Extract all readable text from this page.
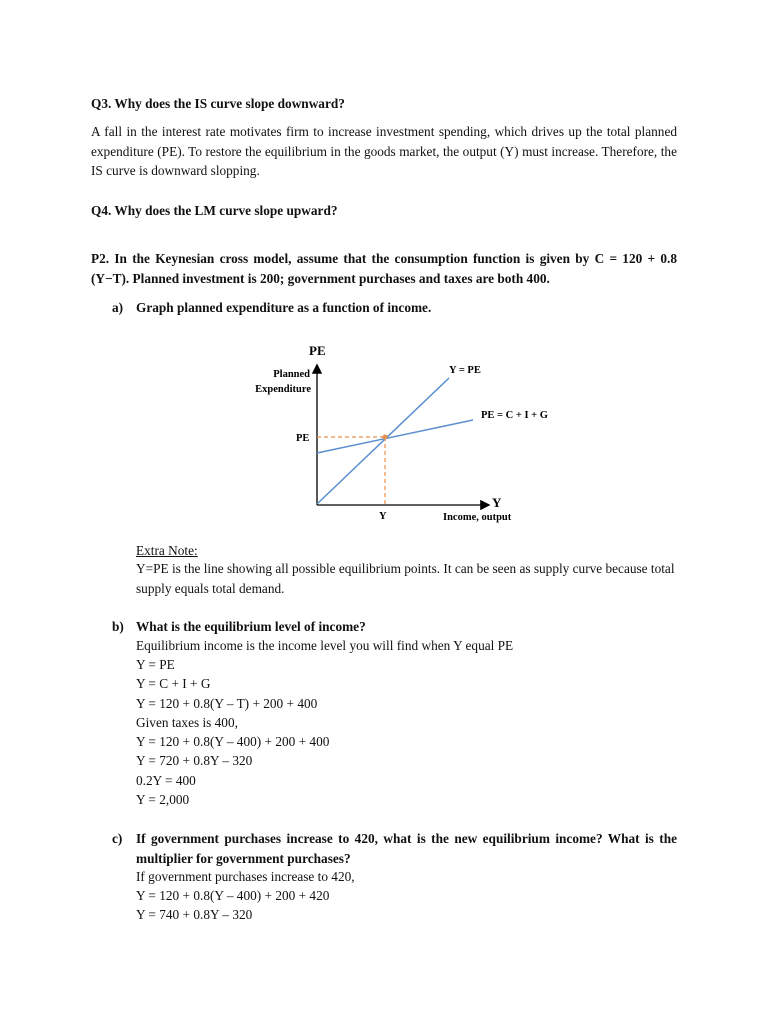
Q3. Why does the IS curve slope downward?
A fall in the interest rate motivates firm to increase investment spending, which drives up the total planned expenditure (PE). To restore the equilibrium in the goods market, the output (Y) must increase. Therefore, the IS curve is downward slopping.
Q4. Why does the LM curve slope upward?
P2. In the Keynesian cross model, assume that the consumption function is given by C = 120 + 0.8 (Y−T). Planned investment is 200; government purchases and taxes are both 400.
a) Graph planned expenditure as a function of income.
PE
Planned
Expenditure
Y = PE
PE = C + I + G
PE
Y
Y	Income, output
Extra Note:
Y=PE is the line showing all possible equilibrium points. It can be seen as supply curve because total supply equals total demand.
b) What is the equilibrium level of income?
Equilibrium income is the income level you will find when Y equal PE
Y = PE
Y = C + I + G
Y = 120 + 0.8(Y – T) + 200 + 400
Given taxes is 400,
Y = 120 + 0.8(Y – 400) + 200 + 400
Y = 720 + 0.8Y – 320
0.2Y = 400
Y = 2,000
c) If government purchases increase to 420, what is the new equilibrium income? What is the multiplier for government purchases?
If government purchases increase to 420,
Y = 120 + 0.8(Y – 400) + 200 + 420
Y = 740 + 0.8Y – 320
